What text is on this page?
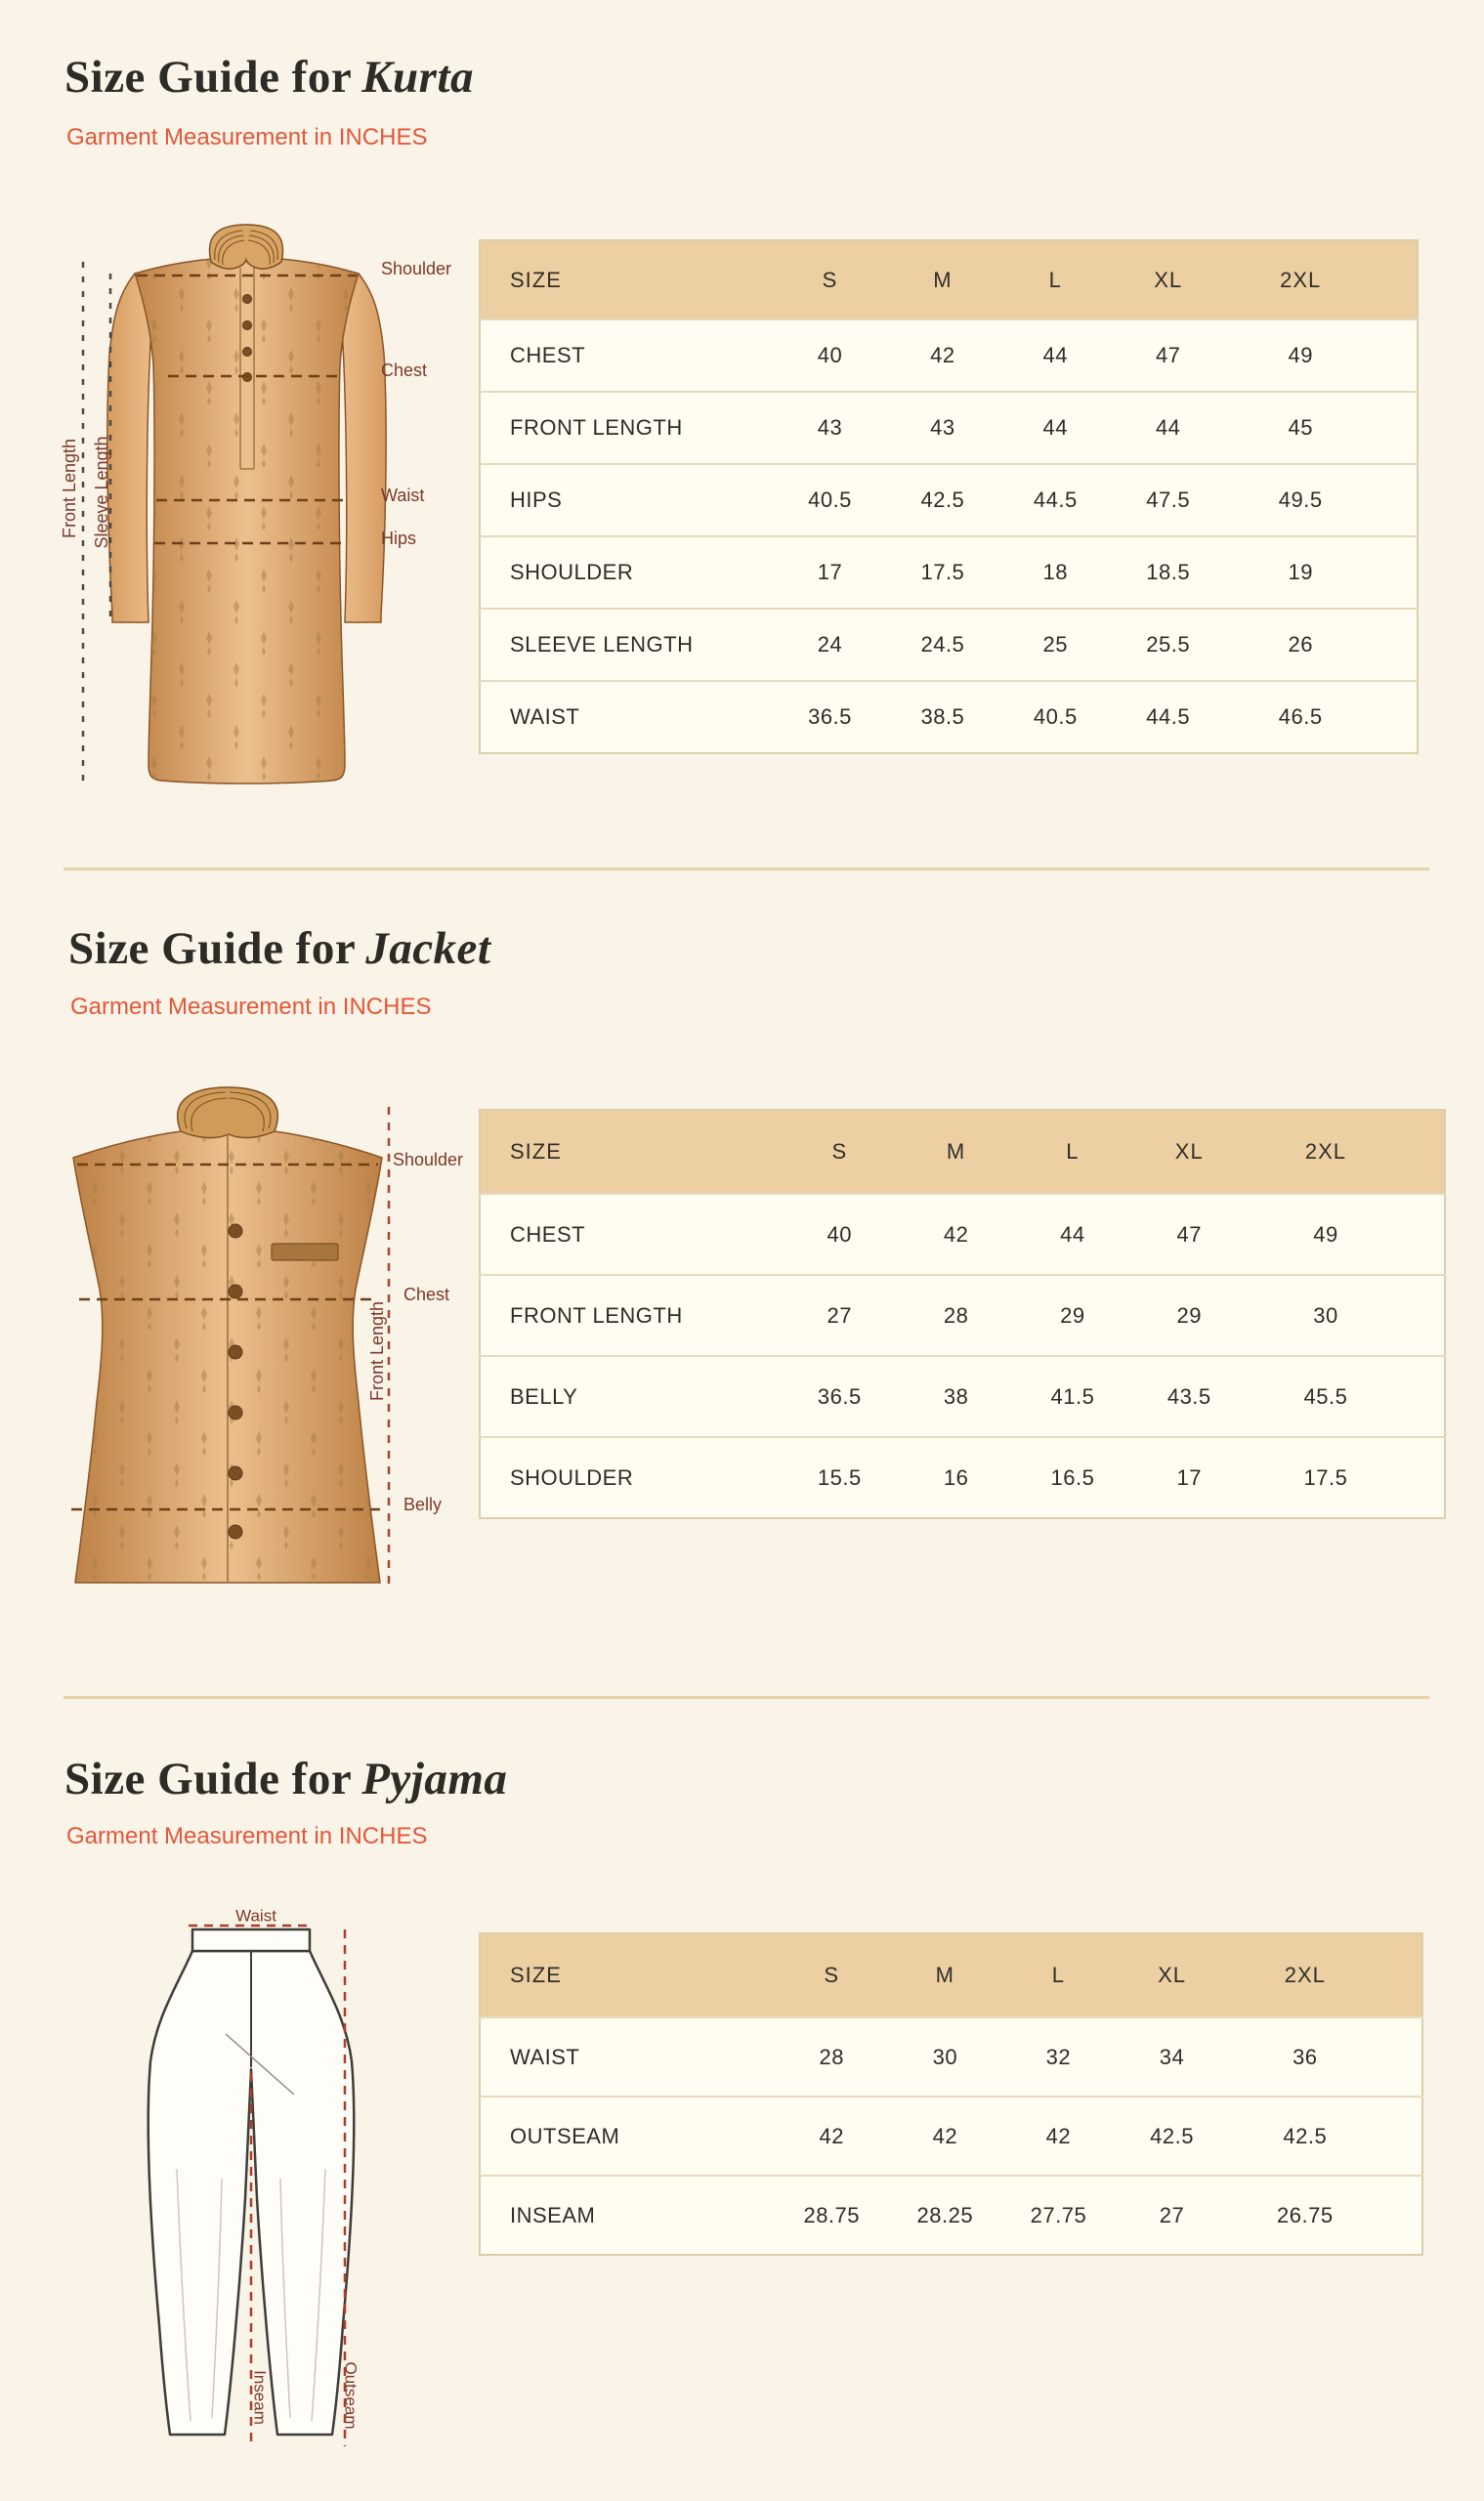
Size Guide for Kurta

Garment Measurement in INCHES

Shoulder
Chest
Waist
Hips
Front Length Sleeve Length
SIZE	S	M	L	XL	2XL
CHEST	40	42	44	47	49
FRONT LENGTH	43	43	44	44	45
HIPS	40.5	42.5	44.5	47.5	49.5
SHOULDER	17	17.5	18	18.5	19
SLEEVE LENGTH	24	24.5	25	25.5	26
WAIST	36.5	38.5	40.5	44.5	46.5
Size Guide for Jacket

Garment Measurement in INCHES

Shoulder
Chest
Belly
Front Length
SIZE	S	M	L	XL	2XL
CHEST	40	42	44	47	49
FRONT LENGTH	27	28	29	29	30
BELLY	36.5	38	41.5	43.5	45.5
SHOULDER	15.5	16	16.5	17	17.5
Size Guide for Pyjama

Garment Measurement in INCHES

Waist
Inseam	Outseam
SIZE	S	M	L	XL	2XL
WAIST	28	30	32	34	36
OUTSEAM	42	42	42	42.5	42.5
INSEAM	28.75	28.25	27.75	27	26.75
